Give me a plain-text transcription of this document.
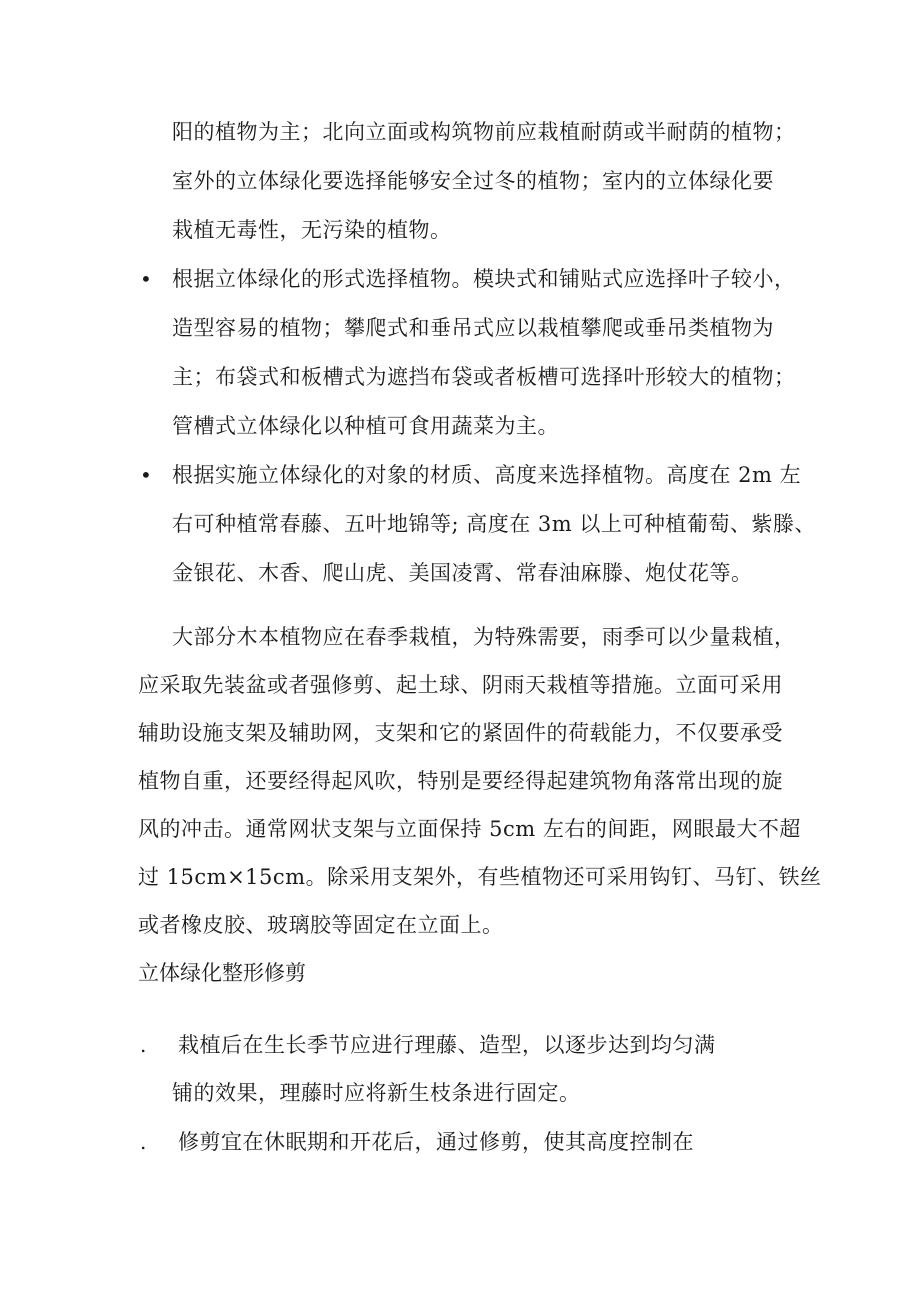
阳的植物为主；北向立面或构筑物前应栽植耐荫或半耐荫的植物；
室外的立体绿化要选择能够安全过冬的植物；室内的立体绿化要
栽植无毒性，无污染的植物。
• 根据立体绿化的形式选择植物。模块式和铺贴式应选择叶子较小，
造型容易的植物；攀爬式和垂吊式应以栽植攀爬或垂吊类植物为
主；布袋式和板槽式为遮挡布袋或者板槽可选择叶形较大的植物；
管槽式立体绿化以种植可食用蔬菜为主。
• 根据实施立体绿化的对象的材质、高度来选择植物。高度在 2m 左
右可种植常春藤、五叶地锦等; 高度在 3m 以上可种植葡萄、紫滕、
金银花、木香、爬山虎、美国凌霄、常春油麻滕、炮仗花等。
大部分木本植物应在春季栽植，为特殊需要，雨季可以少量栽植，
应采取先装盆或者强修剪、起土球、阴雨天栽植等措施。立面可采用
辅助设施支架及辅助网，支架和它的紧固件的荷载能力，不仅要承受
植物自重，还要经得起风吹，特别是要经得起建筑物角落常出现的旋
风的冲击。通常网状支架与立面保持 5cm 左右的间距，网眼最大不超
过 15cm×15cm。除采用支架外，有些植物还可采用钩钉、马钉、铁丝
或者橡皮胶、玻璃胶等固定在立面上。
立体绿化整形修剪
. 栽植后在生长季节应进行理藤、造型，以逐步达到均匀满
铺的效果，理藤时应将新生枝条进行固定。
. 修剪宜在休眠期和开花后，通过修剪，使其高度控制在
